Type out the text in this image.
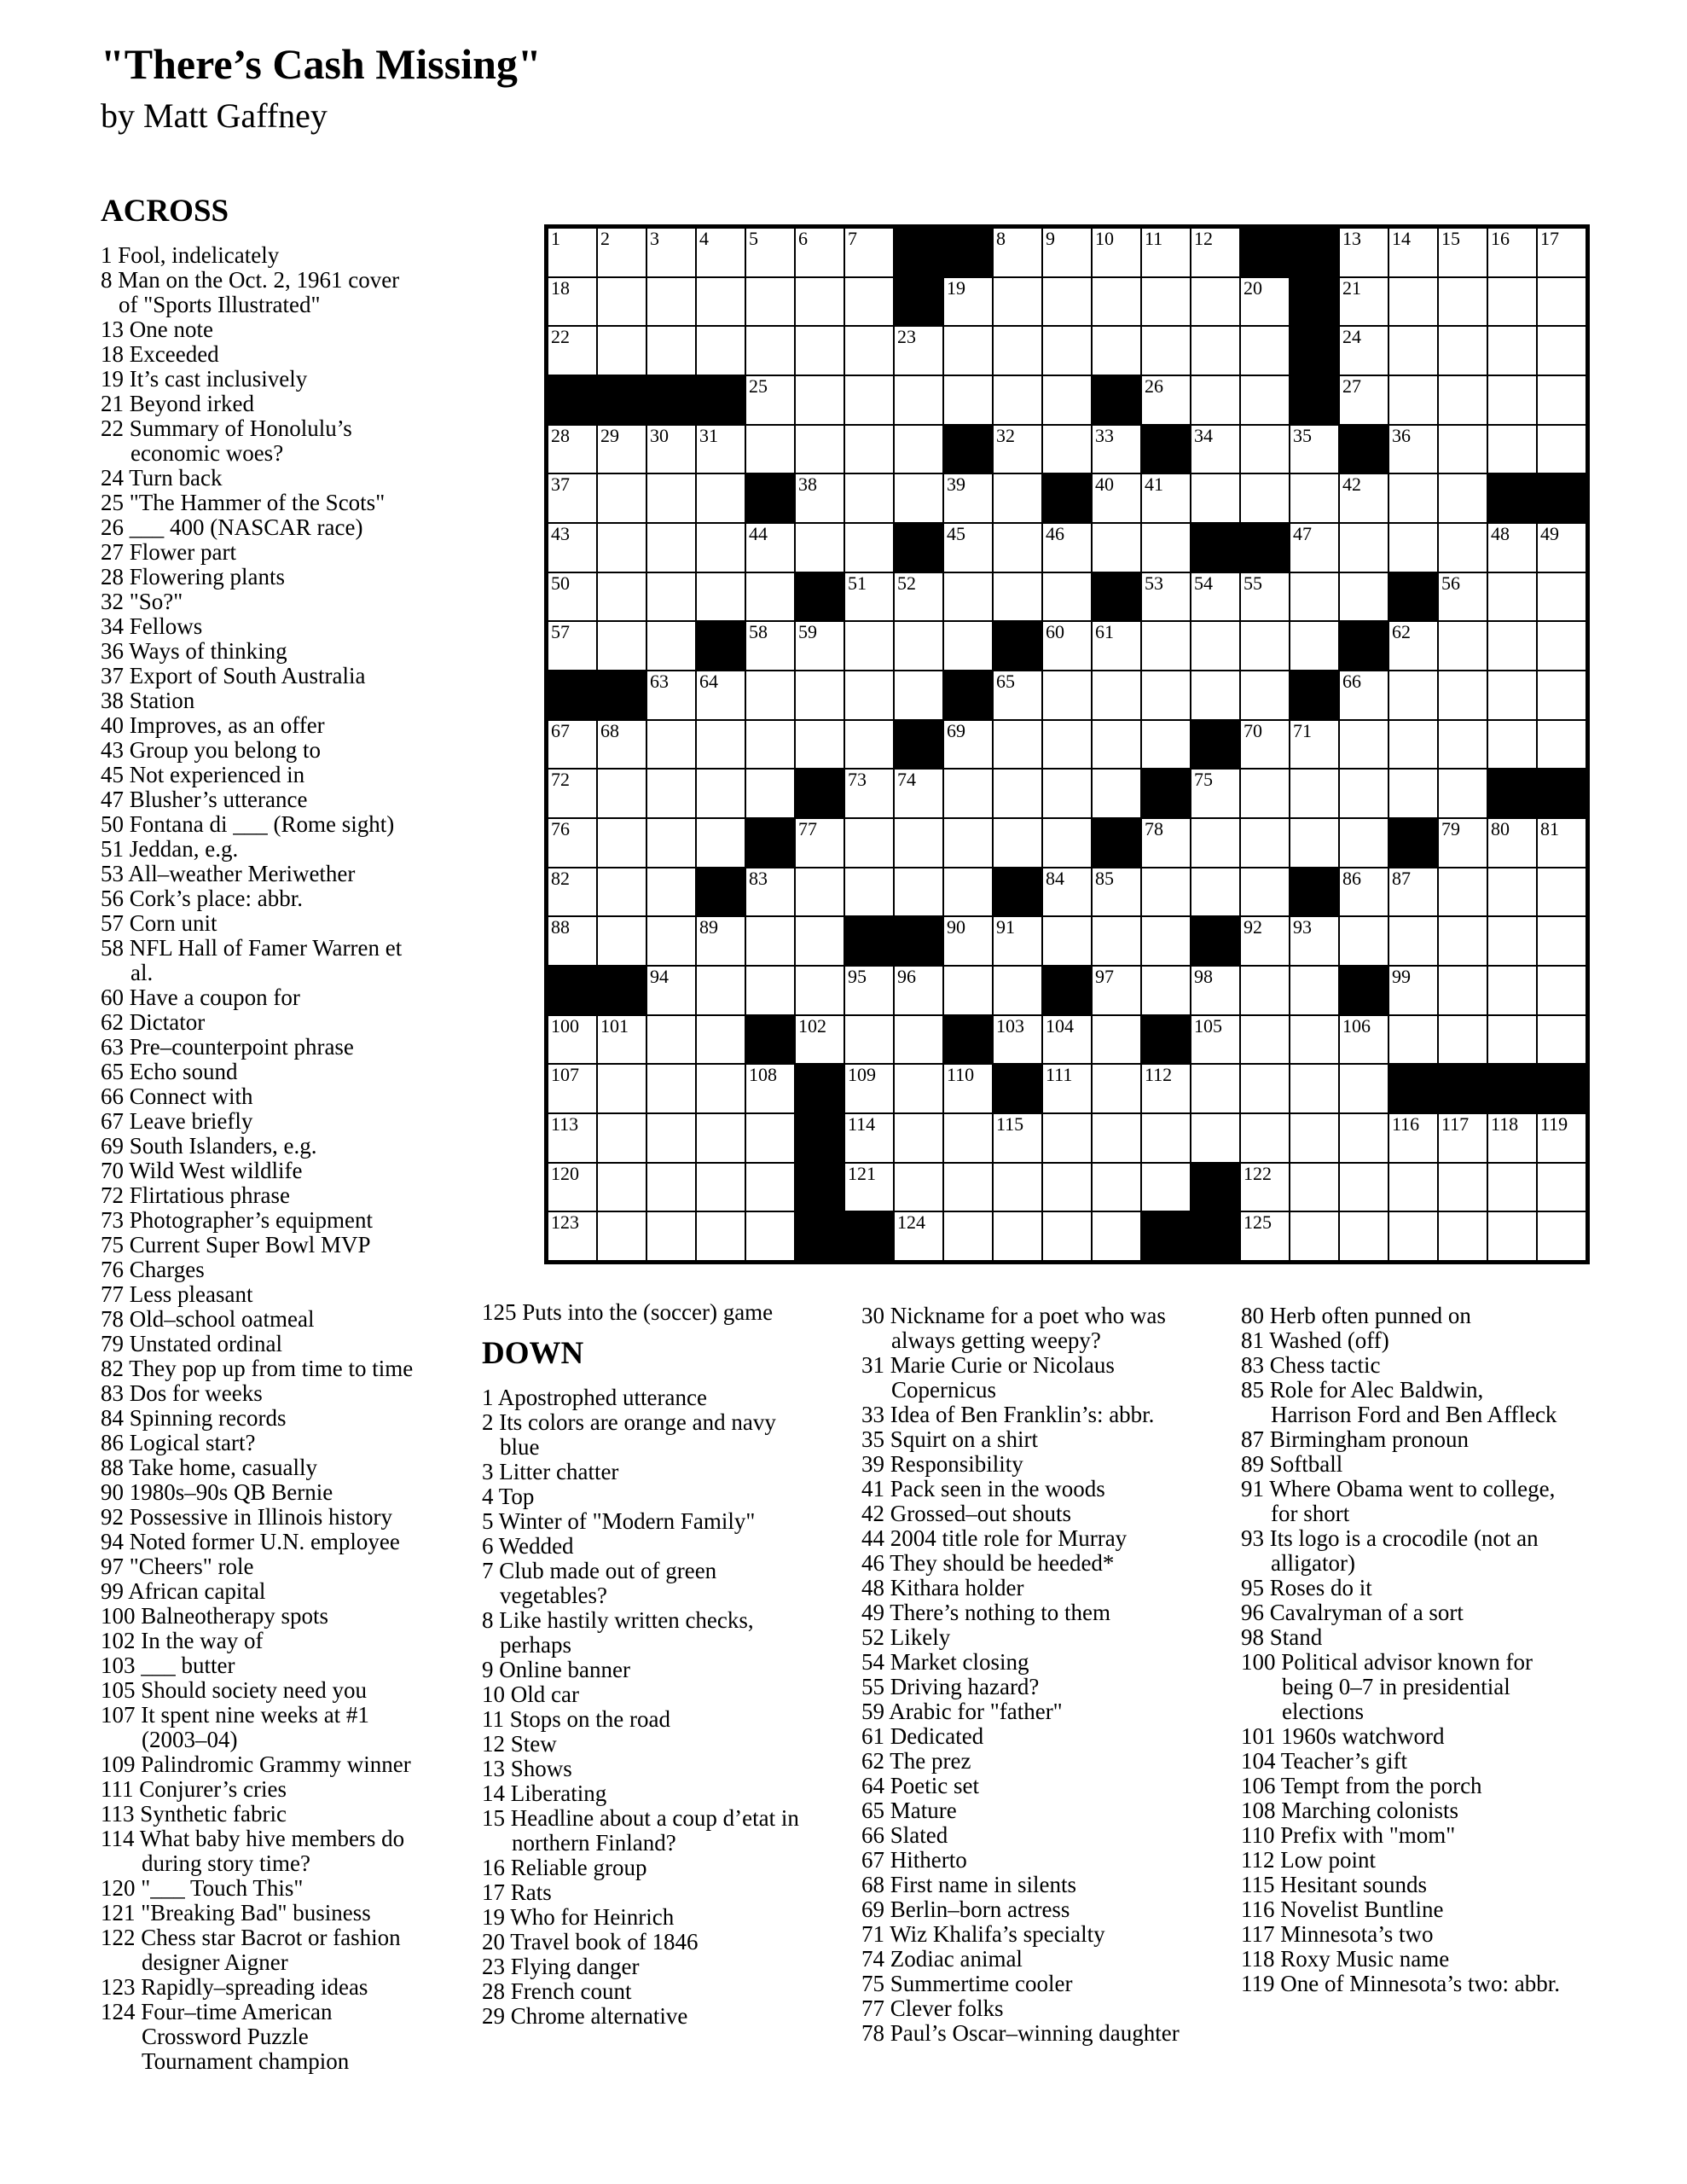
"There’s Cash Missing"
by Matt Gaffney
1 2 3 4 5 6 7	8 9 10 11 12	13 14 15 16 17
18	19	20	21
22	23	24
25	26	27
28 29 30 31	32	33	34	35	36
37	38	39	40 41	42
43	44	45	46	47	48 49
50	51 52	53 54 55	56
57	58 59	60 61	62
63 64	65	66
67 68	69	70 71
72	73 74	75
76	77	78	79 80 81
82	83	84 85	86 87
88	89	90 91	92 93
94	95 96	97	98	99
100 101	102	103 104	105	106
107	108	109	110	111	112
113	114	115	116 117 118 119
120	121	122
123	124	125
ACROSS
1 Fool, indelicately
8 Man on the Oct. 2, 1961 cover of "Sports Illustrated"
13 One note
18 Exceeded
19 It’s cast inclusively
21 Beyond irked
22 Summary of Honolulu’s economic woes?
24 Turn back
25 "The Hammer of the Scots"
26 ___ 400 (NASCAR race)
27 Flower part
28 Flowering plants
32 "So?"
34 Fellows
36 Ways of thinking
37 Export of South Australia
38 Station
40 Improves, as an offer
43 Group you belong to
45 Not experienced in
47 Blusher’s utterance
50 Fontana di ___ (Rome sight)
51 Jeddan, e.g.
53 All–weather Meriwether
56 Cork’s place: abbr.
57 Corn unit
58 NFL Hall of Famer Warren et al.
60 Have a coupon for
62 Dictator
63 Pre–counterpoint phrase
65 Echo sound
66 Connect with
67 Leave briefly
69 South Islanders, e.g.
70 Wild West wildlife
72 Flirtatious phrase
73 Photographer’s equipment
75 Current Super Bowl MVP
76 Charges
77 Less pleasant
78 Old–school oatmeal
79 Unstated ordinal
82 They pop up from time to time
83 Dos for weeks
84 Spinning records
86 Logical start?
88 Take home, casually
90 1980s–90s QB Bernie
92 Possessive in Illinois history
94 Noted former U.N. employee
97 "Cheers" role
99 African capital
100 Balneotherapy spots
102 In the way of
103 ___ butter
105 Should society need you
107 It spent nine weeks at #1 (2003–04)
109 Palindromic Grammy winner
111 Conjurer’s cries
113 Synthetic fabric
114 What baby hive members do during story time?
120 "___ Touch This"
121 "Breaking Bad" business
122 Chess star Bacrot or fashion designer Aigner
123 Rapidly–spreading ideas
124 Four–time American Crossword Puzzle Tournament champion
125 Puts into the (soccer) game
DOWN
1 Apostrophed utterance
2 Its colors are orange and navy blue
3 Litter chatter
4 Top
5 Winter of "Modern Family"
6 Wedded
7 Club made out of green vegetables?
8 Like hastily written checks, perhaps
9 Online banner
10 Old car
11 Stops on the road
12 Stew
13 Shows
14 Liberating
15 Headline about a coup d’etat in northern Finland?
16 Reliable group
17 Rats
19 Who for Heinrich
20 Travel book of 1846
23 Flying danger
28 French count
29 Chrome alternative
30 Nickname for a poet who was always getting weepy?
31 Marie Curie or Nicolaus Copernicus
33 Idea of Ben Franklin’s: abbr.
35 Squirt on a shirt
39 Responsibility
41 Pack seen in the woods
42 Grossed–out shouts
44 2004 title role for Murray
46 They should be heeded*
48 Kithara holder
49 There’s nothing to them
52 Likely
54 Market closing
55 Driving hazard?
59 Arabic for "father"
61 Dedicated
62 The prez
64 Poetic set
65 Mature
66 Slated
67 Hitherto
68 First name in silents
69 Berlin–born actress
71 Wiz Khalifa’s specialty
74 Zodiac animal
75 Summertime cooler
77 Clever folks
78 Paul’s Oscar–winning daughter
80 Herb often punned on
81 Washed (off)
83 Chess tactic
85 Role for Alec Baldwin, Harrison Ford and Ben Affleck
87 Birmingham pronoun
89 Softball
91 Where Obama went to college, for short
93 Its logo is a crocodile (not an alligator)
95 Roses do it
96 Cavalryman of a sort
98 Stand
100 Political advisor known for being 0–7 in presidential elections
101 1960s watchword
104 Teacher’s gift
106 Tempt from the porch
108 Marching colonists
110 Prefix with "mom"
112 Low point
115 Hesitant sounds
116 Novelist Buntline
117 Minnesota’s two
118 Roxy Music name
119 One of Minnesota’s two: abbr.
